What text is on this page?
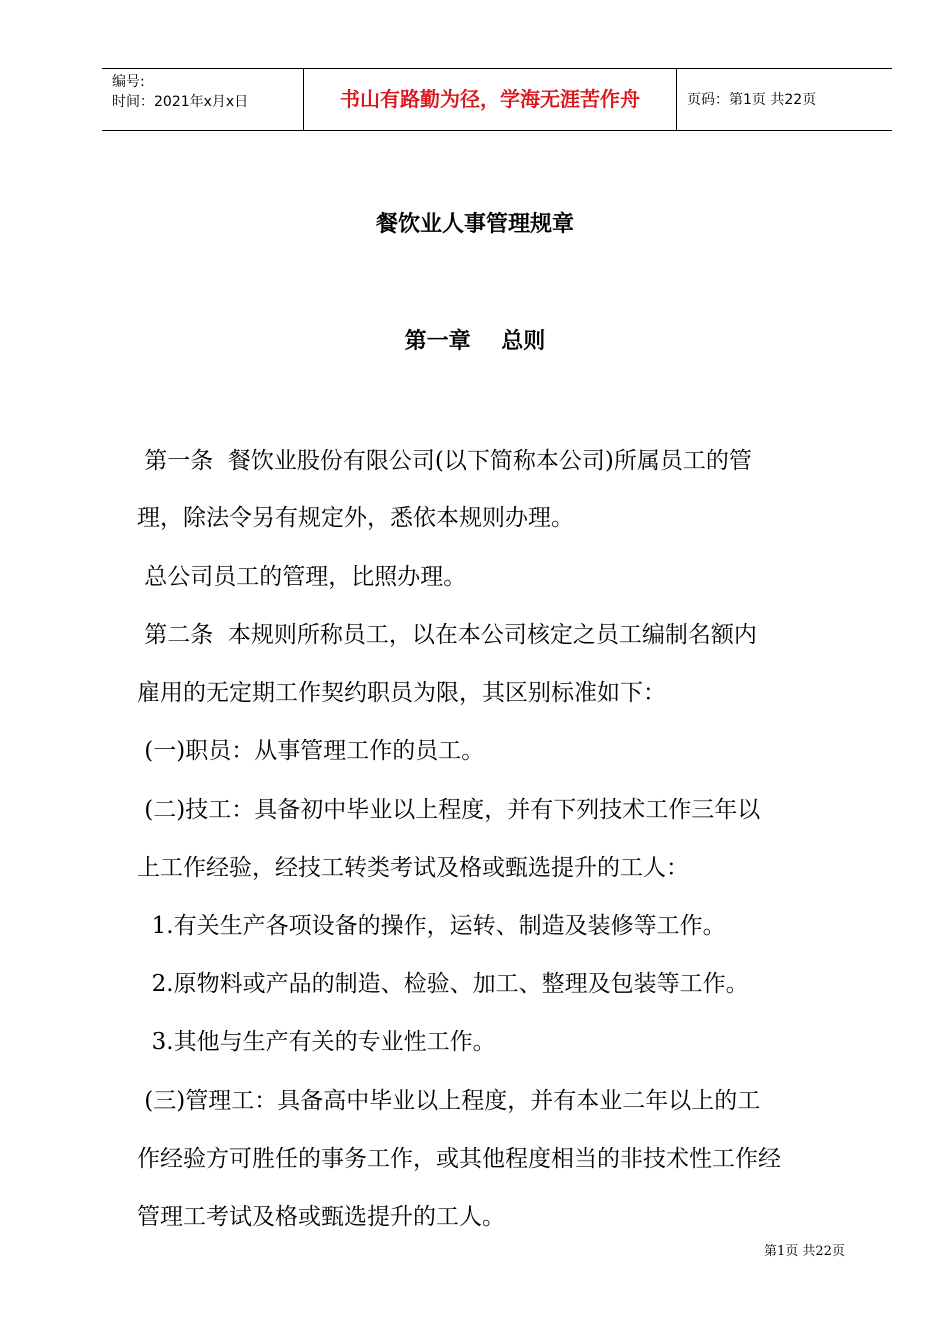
编号:
时间：2021年x月x日	书山有路勤为径，学海无涯苦作舟	页码：第1页 共22页
餐饮业人事管理规章
第一章    总则
第一条  餐饮业股份有限公司(以下简称本公司)所属员工的管
理，除法令另有规定外，悉依本规则办理。
总公司员工的管理，比照办理。
第二条  本规则所称员工，以在本公司核定之员工编制名额内
雇用的无定期工作契约职员为限，其区别标准如下：
(一)职员：从事管理工作的员工。
(二)技工：具备初中毕业以上程度，并有下列技术工作三年以
上工作经验，经技工转类考试及格或甄选提升的工人：
1.有关生产各项设备的操作，运转、制造及装修等工作。
2.原物料或产品的制造、检验、加工、整理及包装等工作。
3.其他与生产有关的专业性工作。
(三)管理工：具备高中毕业以上程度，并有本业二年以上的工
作经验方可胜任的事务工作，或其他程度相当的非技术性工作经
管理工考试及格或甄选提升的工人。
第1页 共22页
